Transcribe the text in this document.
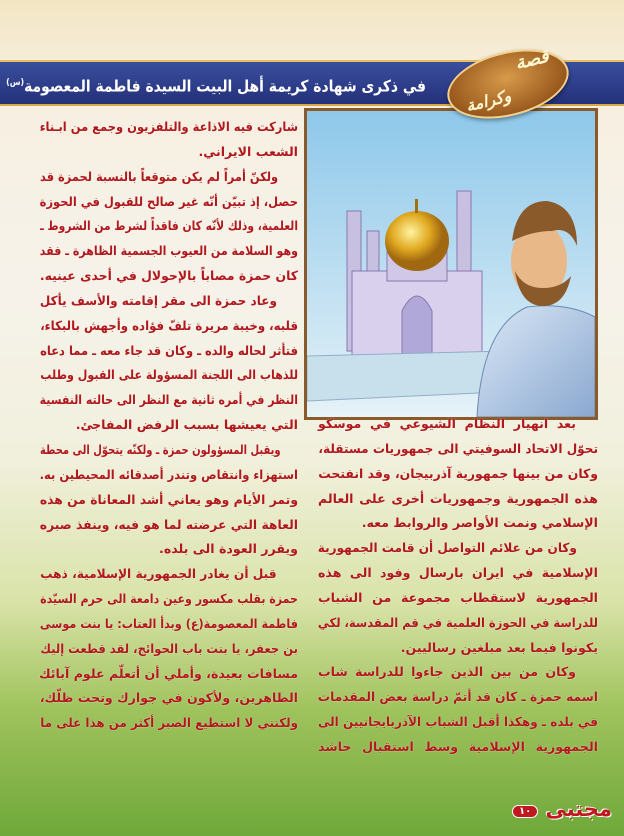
في ذكرى شهادة كريمة أهل البيت السيدة فاطمة المعصومة$^{(س)}$
قصة
وكرامة
شاركت فيه الاذاعة والتلفزيون وجمع من ابـناء
الشعب الايراني.
ولكنّ أمراً لم يكن متوقعاً بالنسبة لحمزة قد
حصل، إذ تبيّن أنّه غير صالح للقبول في الحوزة
العلمية، وذلك لأنّه كان فاقداً لشرط من الشروط ـ
وهو السلامة من العيوب الجسمية الظاهرة ـ فقد
كان حمزة مصاباً بالإحولال في أحدى عينيه.
وعاد حمزة الى مقر إقامته والأسف يأكل
قلبه، وخيبة مريرة تلفّ فؤاده وأجهش بالبكاء،
فتأثر لحاله والده ـ وكان قد جاء معه ـ مما دعاه
للذهاب الى اللجنة المسؤولة على القبول وطلب
النظر في أمره ثانية مع النظر الى حالته النفسية
التي يعيشها بسبب الرفض المفاجئ.
ويقبل المسؤولون حمزة ـ ولكنّه يتحوّل الى محطة
استهزاء وانتقاص وتندر أصدقائه المحيطين به.
وتمر الأيام وهو يعاني أشد المعاناة من هذه
العاهة التي عرضته لما هو فيه، وينفذ صبره
ويقرر العودة الى بلده.
قبل أن يغادر الجمهورية الإسلامية، ذهب
حمزة بقلب مكسور وعين دامعة الى حرم السيّدة
فاطمة المعصومة(ع) وبدأ العتاب: يا بنت موسى
بن جعفر، يا بنت باب الحوائج، لقد قطعت إليك
مسافات بعيدة، وأملي أن أتعلّم علوم آبائك
الطاهرين، ولأكون في جوارك وتحت ظلّك،
ولكنني لا استطيع الصبر أكثر من هذا على ما
بعد انهيار النظام الشيوعي في موسكو
تحوّل الاتحاد السوفيتي الى جمهوريات مستقلة،
وكان من بينها جمهورية آذربيجان، وقد انفتحت
هذه الجمهورية وجمهوريات أخرى على العالم
الإسلامي ونمت الأواصر والروابط معه.
وكان من علائم التواصل أن قامت الجمهورية
الإسلامية في ايران بارسال وفود الى هذه
الجمهورية لاستقطاب مجموعة من الشباب
للدراسة في الحوزة العلمية في قم المقدسة، لكي
يكونوا فيما بعد مبلغين رساليين.
وكان من بين الذين جاءوا للدراسة شاب
اسمه حمزة ـ كان قد أتمّ دراسة بعض المقدمات
في بلده ـ وهكذا أقبل الشباب الآذربايجانيين الى
الجمهورية الإسلامية وسط استقبال حاشد
مجتبى
١٠
